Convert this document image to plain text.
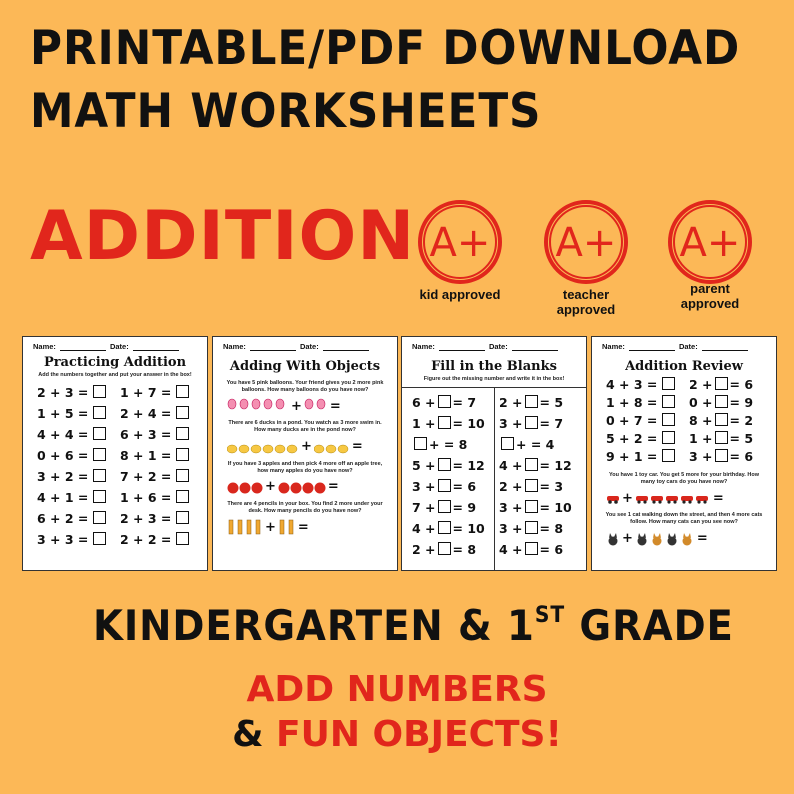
PRINTABLE/PDF DOWNLOAD
MATH WORKSHEETS
ADDITION A+
kid approved
A+
teacher
approved
A+
parent
approved
Name:	Date:
Practicing Addition
Add the numbers together and put your answer in the box!
2 + 3 =	1 + 7 =
1 + 5 =	2 + 4 =
4 + 4 =	6 + 3 =
0 + 6 =	8 + 1 =
3 + 2 =	7 + 2 =
4 + 1 =	1 + 6 =
6 + 2 =	2 + 3 =
3 + 3 =	2 + 2 =
Name:	Date:
Adding With Objects
You have 5 pink balloons. Your friend gives you 2 more pink balloons. How many balloons do you have now?
+ =
There are 6 ducks in a pond. You watch as 3 more swim in. How many ducks are in the pond now?
+	=
If you have 3 apples and then pick 4 more off an apple tree, how many apples do you have now?
+	=
There are 4 pencils in your box. You find 2 more under your desk. How many pencils do you have now?
+ =
Name:	Date:
Fill in the Blanks
Figure out the missing number and write it in the box!
6 + = 7	2 + = 5
1 + = 10	3 + = 7
+ = 8	+ = 4
5 + = 12	4 + = 12
3 + = 6	2 + = 3
7 + = 9	3 + = 10
4 + = 10	3 + = 8
2 + = 8	4 + = 6
Name:	Date:
Addition Review
4 + 3 =	2 + = 6
1 + 8 =	0 + = 9
0 + 7 =	8 + = 2
5 + 2 =	1 + = 5
9 + 1 =	3 + = 6
You have 1 toy car. You get 5 more for your birthday. How many toy cars do you have now?
+	=
You see 1 cat walking down the street, and then 4 more cats follow. How many cats can you see now?
+	=
KINDERGARTEN & 1ST GRADE
ADD NUMBERS
& FUN OBJECTS!
